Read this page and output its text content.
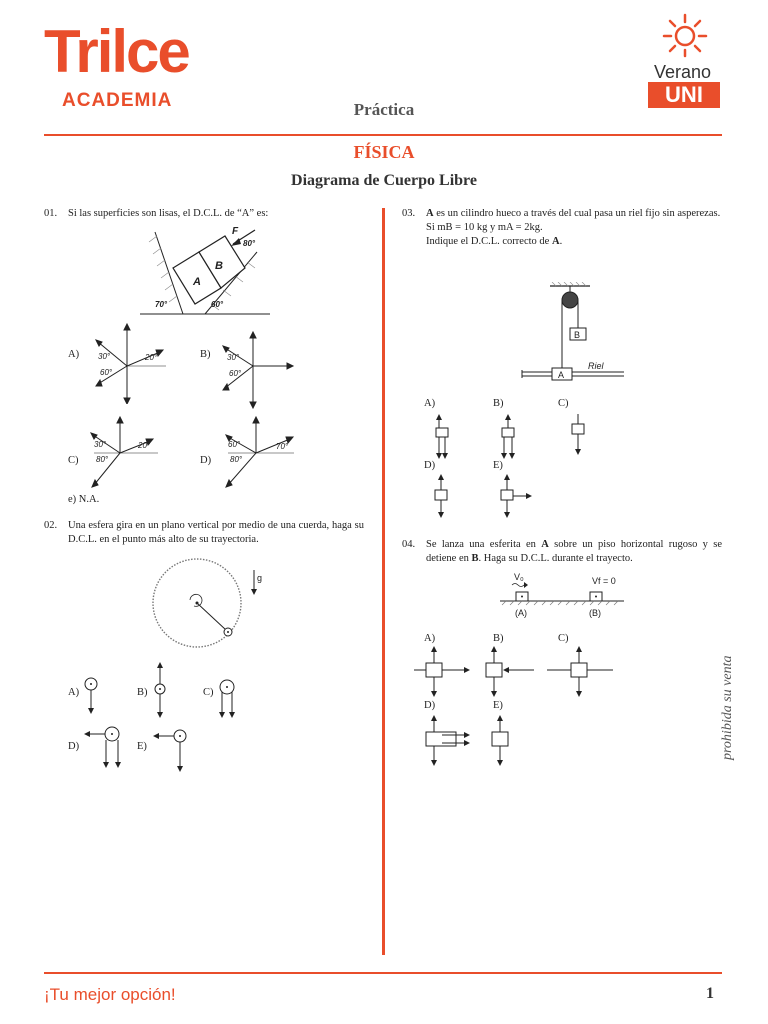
Trilce
ACADEMIA
Verano
UNI
Práctica
FÍSICA
Diagrama de Cuerpo Libre
01. Si las superficies son lisas, el D.C.L. de “A” es:
F
80°
A
B
70°	60°
A) 30°
60°
20°	B) 30°
60°
C)
30°
80°
20°
D)
60°
80°
70°
e) N.A.
02. Una esfera gira en un plano vertical por medio de una cuerda, haga su D.C.L. en el punto más alto de su trayectoria.
g
A)	B)	C)
D)	E)
03. A es un cilindro hueco a través del cual pasa un riel fijo sin asperezas.
Si mB = 10 kg y mA = 2kg.
Indique el D.C.L. correcto de A.
B
A
Riel
A)	B)	C)
D)	E)
04. Se lanza una esferita en A sobre un piso horizontal rugoso y se detiene en B. Haga su D.C.L. durante el trayecto.
V₀	Vf = 0
(A)	(B)
A)	B)	C)
D)	E)	prohibida su venta
¡Tu mejor opción!	1
